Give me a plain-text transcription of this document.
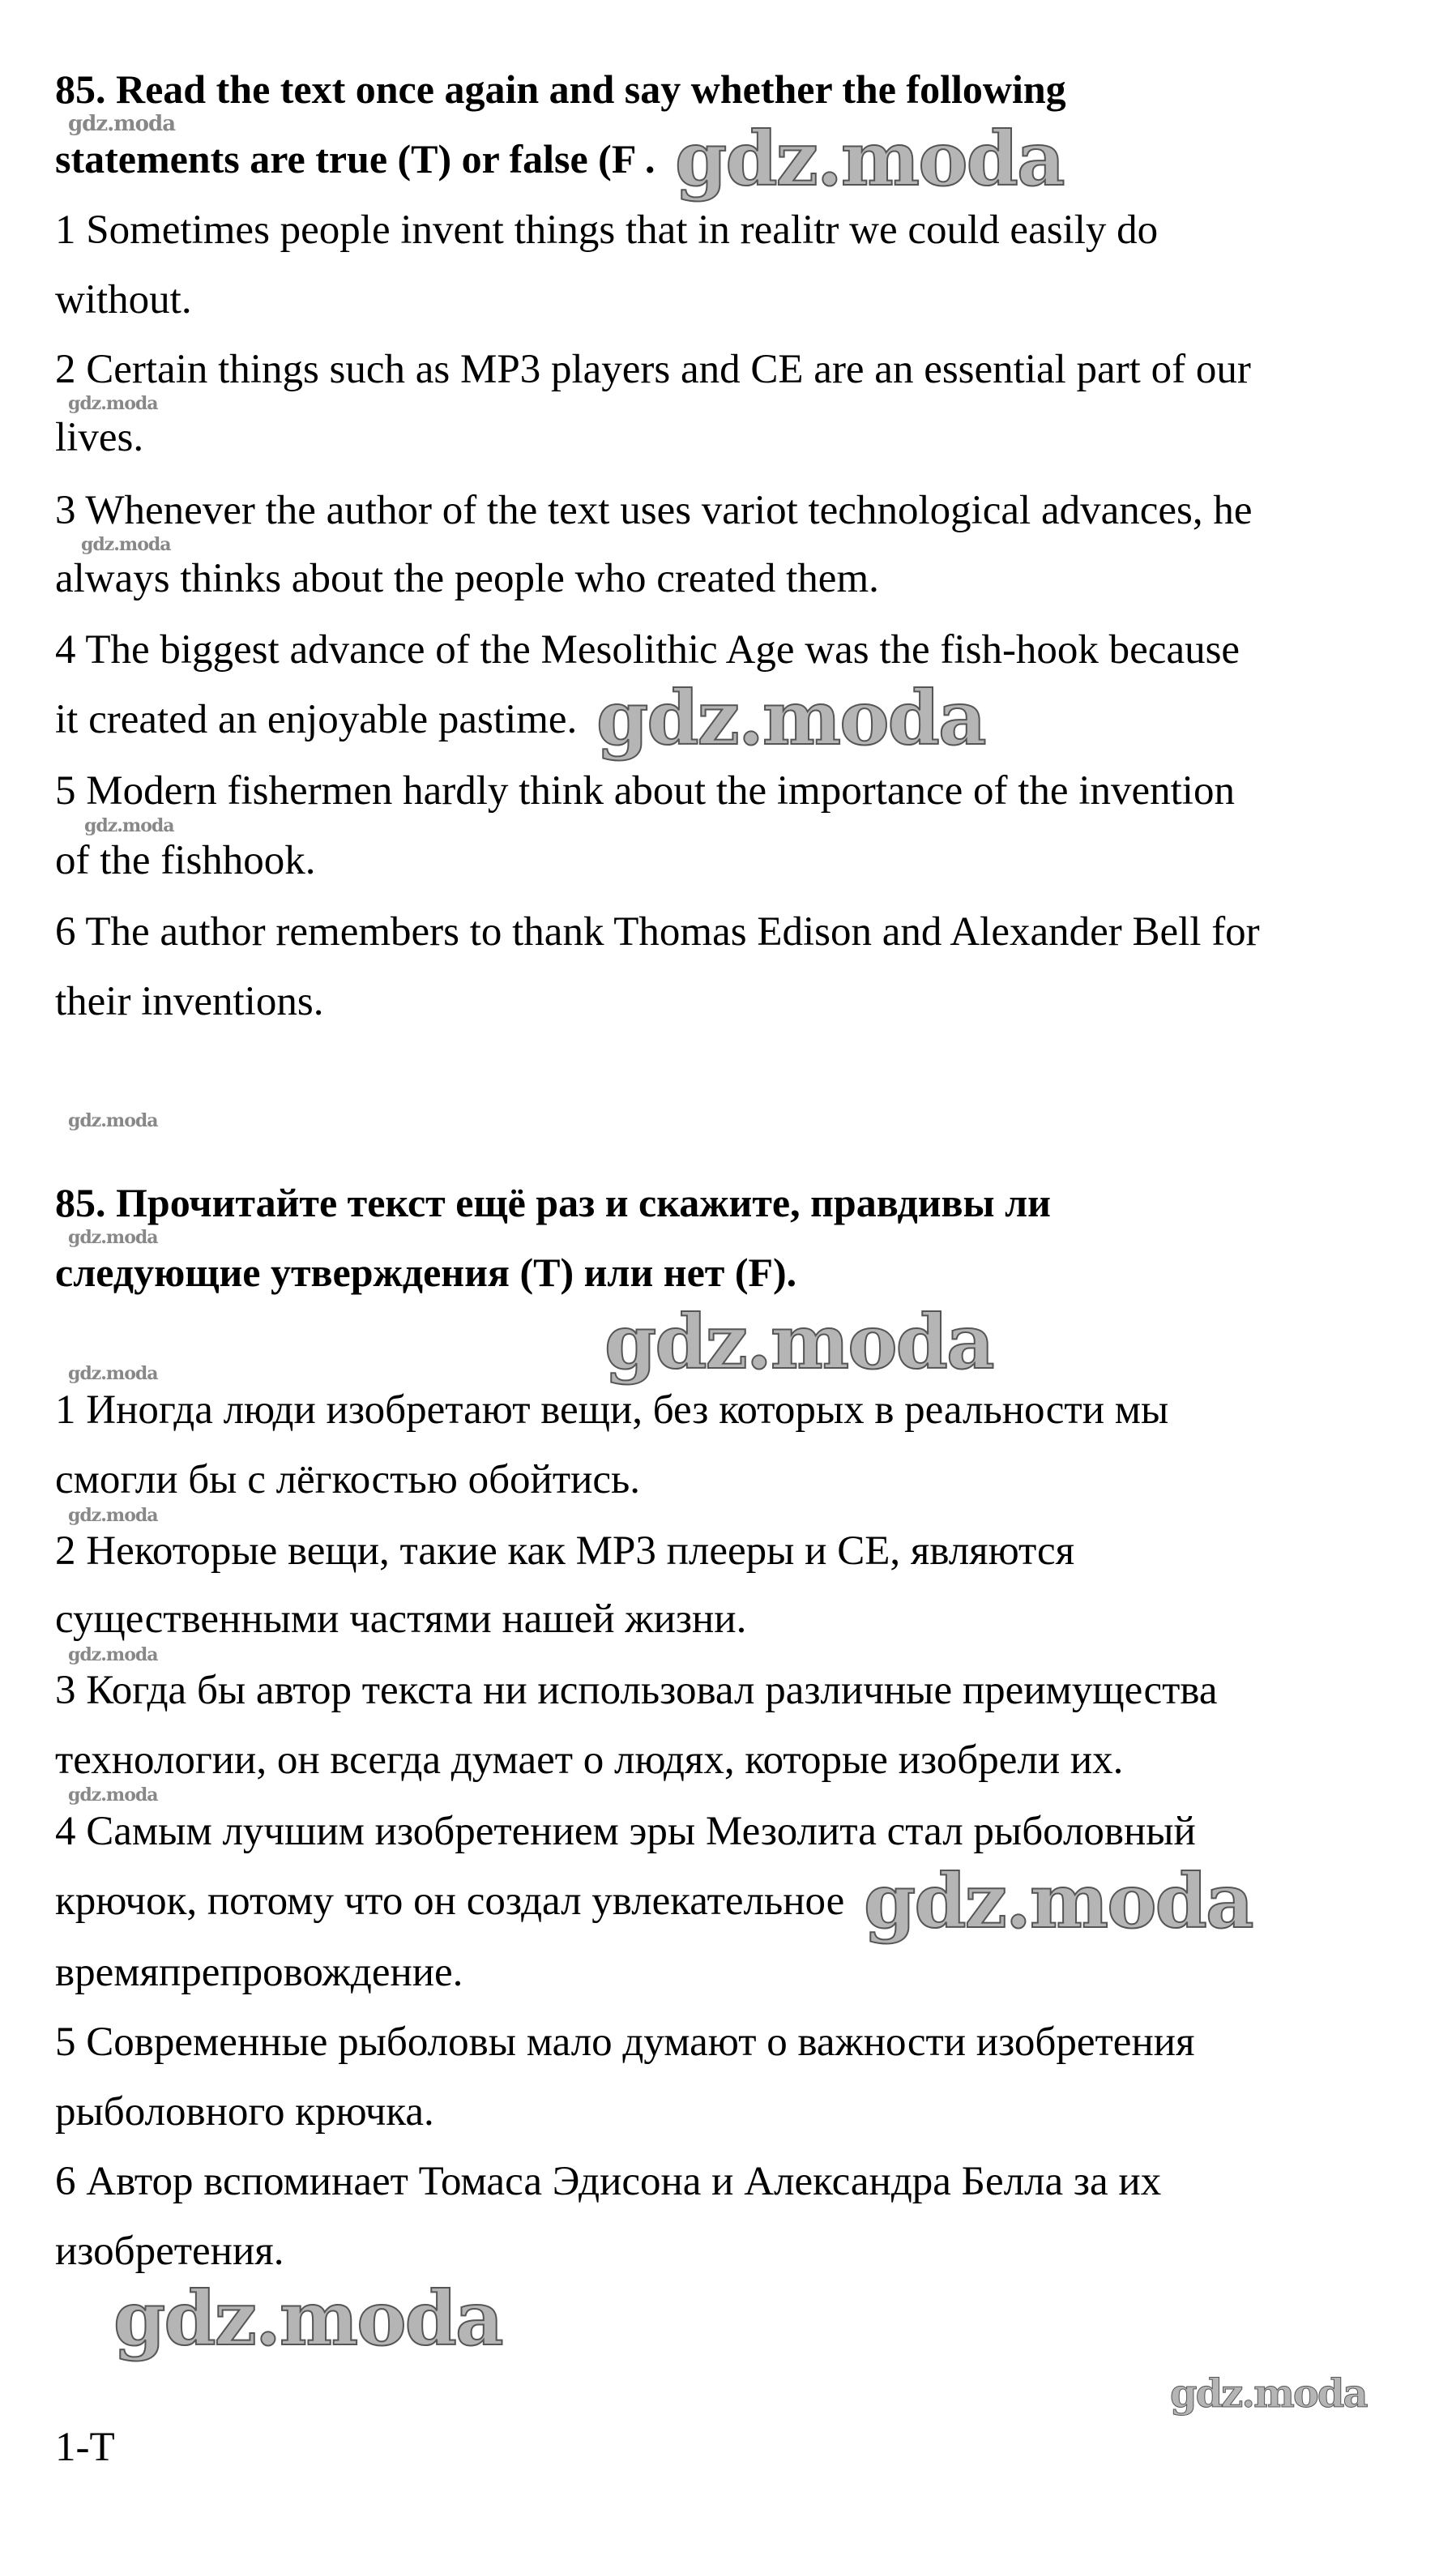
85. Read the text once again and say whether the following
statements are true (T) or false (F .
1 Sometimes people invent things that in realitr we could easily do
without.
2 Certain things such as MP3 players and CE are an essential part of our
lives.
3 Whenever the author of the text uses variot technological advances, he
always thinks about the people who created them.
4 The biggest advance of the Mesolithic Age was the fish-hook because
it created an enjoyable pastime.
5 Modern fishermen hardly think about the importance of the invention
of the fishhook.
6 The author remembers to thank Thomas Edison and Alexander Bell for
their inventions.
85. Прочитайте текст ещё раз и скажите, правдивы ли
следующие утверждения (T) или нет (F).
1 Иногда люди изобретают вещи, без которых в реальности мы
смогли бы с лёгкостью обойтись.
2 Некоторые вещи, такие как MP3 плееры и CE, являются
существенными частями нашей жизни.
3 Когда бы автор текста ни использовал различные преимущества
технологии, он всегда думает о людях, которые изобрели их.
4 Самым лучшим изобретением эры Мезолита стал рыболовный
крючок, потому что он создал увлекательное
времяпрепровождение.
5 Современные рыболовы мало думают о важности изобретения
рыболовного крючка.
6 Автор вспоминает Томаса Эдисона и Александра Белла за их
изобретения.
1-T
gdz.moda
gdz.moda
gdz.moda
gdz.moda
gdz.moda
gdz.moda
gdz.moda
gdz.moda
gdz.moda
gdz.moda
gdz.moda
gdz.moda
gdz.moda
gdz.moda
gdz.moda
gdz.moda
